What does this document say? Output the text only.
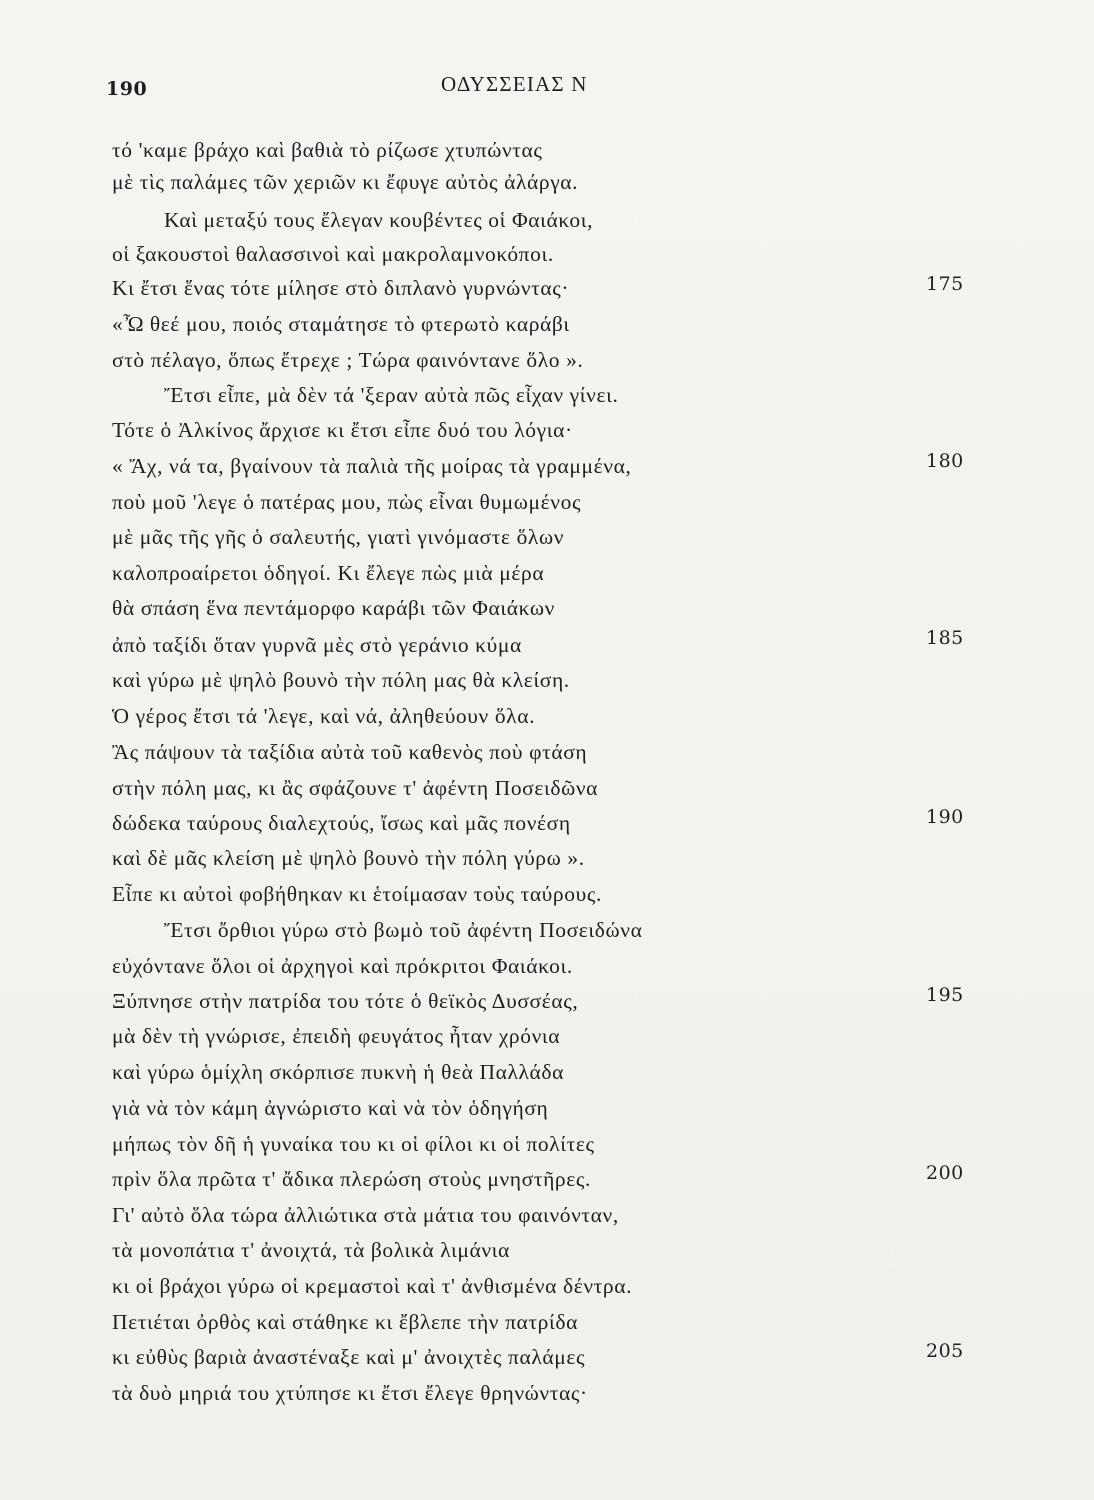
190	ΟΔΥΣΣΕΙΑΣ Ν
τό 'καμε βράχο καὶ βαθιὰ τὸ ρίζωσε χτυπώντας
μὲ τὶς παλάμες τῶν χεριῶν κι ἔφυγε αὐτὸς ἀλάργα.
Καὶ μεταξύ τους ἔλεγαν κουβέντες οἱ Φαιάκοι,
οἱ ξακουστοὶ θαλασσινοὶ καὶ μακρολαμνοκόποι.
Κι ἔτσι ἕνας τότε μίλησε στὸ διπλανὸ γυρνώντας·
«Ὦ θεέ μου, ποιός σταμάτησε τὸ φτερωτὸ καράβι
στὸ πέλαγο, ὅπως ἔτρεχε ; Τώρα φαινόντανε ὅλο ».
Ἔτσι εἶπε, μὰ δὲν τά 'ξεραν αὐτὰ πῶς εἶχαν γίνει.
Τότε ὁ Ἀλκίνος ἄρχισε κι ἔτσι εἶπε δυό του λόγια·
« Ἄχ, νά τα, βγαίνουν τὰ παλιὰ τῆς μοίρας τὰ γραμμένα,
ποὺ μοῦ 'λεγε ὁ πατέρας μου, πὼς εἶναι θυμωμένος
μὲ μᾶς τῆς γῆς ὁ σαλευτής, γιατὶ γινόμαστε ὅλων
καλοπροαίρετοι ὁδηγοί. Κι ἔλεγε πὼς μιὰ μέρα
θὰ σπάση ἕνα πεντάμορφο καράβι τῶν Φαιάκων
ἀπὸ ταξίδι ὅταν γυρνᾶ μὲς στὸ γεράνιο κύμα
καὶ γύρω μὲ ψηλὸ βουνὸ τὴν πόλη μας θὰ κλείση.
Ὁ γέρος ἔτσι τά 'λεγε, καὶ νά, ἀληθεύουν ὅλα.
Ἂς πάψουν τὰ ταξίδια αὐτὰ τοῦ καθενὸς ποὺ φτάση
στὴν πόλη μας, κι ἂς σφάζουνε τ' ἀφέντη Ποσειδῶνα
δώδεκα ταύρους διαλεχτούς, ἴσως καὶ μᾶς πονέση
καὶ δὲ μᾶς κλείση μὲ ψηλὸ βουνὸ τὴν πόλη γύρω ».
Εἶπε κι αὐτοὶ φοβήθηκαν κι ἑτοίμασαν τοὺς ταύρους.
Ἔτσι ὄρθιοι γύρω στὸ βωμὸ τοῦ ἀφέντη Ποσειδώνα
εὐχόντανε ὅλοι οἱ ἀρχηγοὶ καὶ πρόκριτοι Φαιάκοι.
Ξύπνησε στὴν πατρίδα του τότε ὁ θεϊκὸς Δυσσέας,
μὰ δὲν τὴ γνώρισε, ἐπειδὴ φευγάτος ἦταν χρόνια
καὶ γύρω ὁμίχλη σκόρπισε πυκνὴ ἡ θεὰ Παλλάδα
γιὰ νὰ τὸν κάμη ἀγνώριστο καὶ νὰ τὸν ὁδηγήση
μήπως τὸν δῆ ἡ γυναίκα του κι οἱ φίλοι κι οἱ πολίτες
πρὶν ὅλα πρῶτα τ' ἄδικα πλερώση στοὺς μνηστῆρες.
Γι' αὐτὸ ὅλα τώρα ἀλλιώτικα στὰ μάτια του φαινόνταν,
τὰ μονοπάτια τ' ἀνοιχτά, τὰ βολικὰ λιμάνια
κι οἱ βράχοι γύρω οἱ κρεμαστοὶ καὶ τ' ἀνθισμένα δέντρα.
Πετιέται ὀρθὸς καὶ στάθηκε κι ἔβλεπε τὴν πατρίδα
κι εὐθὺς βαριὰ ἀναστέναξε καὶ μ' ἀνοιχτὲς παλάμες
τὰ δυὸ μηριά του χτύπησε κι ἔτσι ἔλεγε θρηνώντας·
175
180
185
190
195
200
205
